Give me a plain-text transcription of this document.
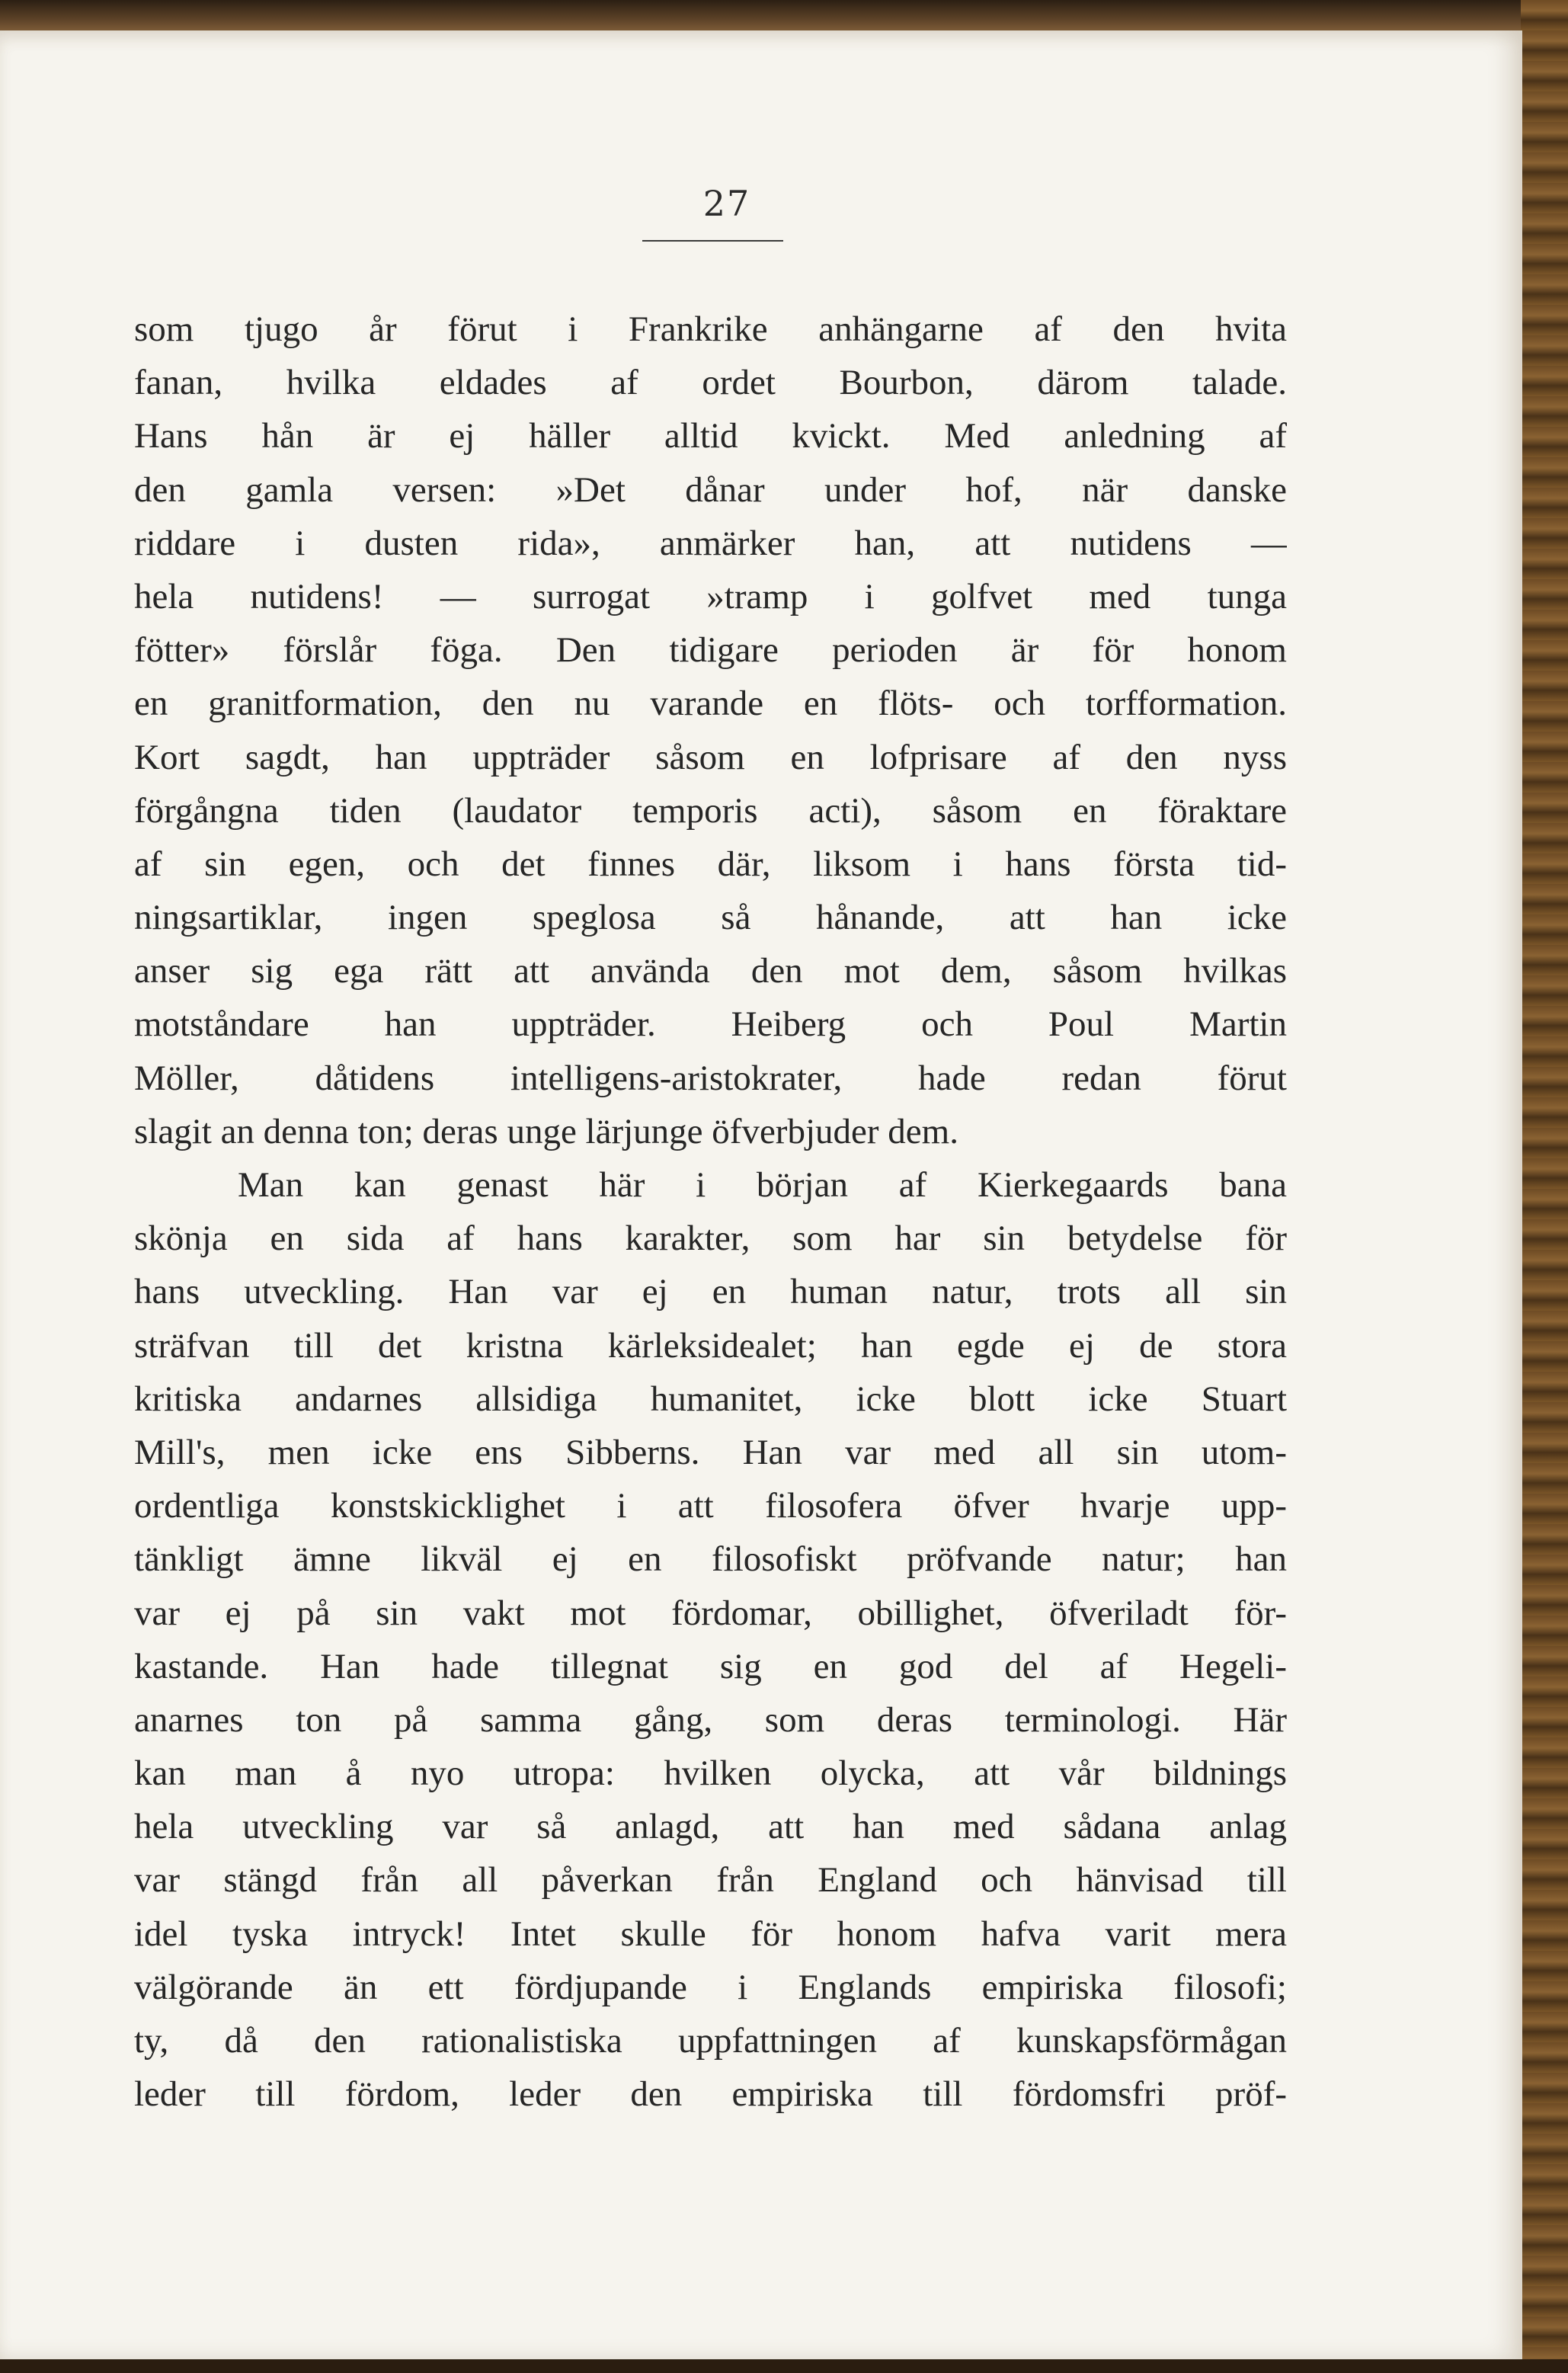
27
som tjugo år förut i Frankrike anhängarne af den hvita
fanan, hvilka eldades af ordet Bourbon, därom talade.
Hans hån är ej häller alltid kvickt. Med anledning af
den gamla versen: »Det dånar under hof, när danske
riddare i dusten rida», anmärker han, att nutidens —
hela nutidens! — surrogat »tramp i golfvet med tunga
fötter» förslår föga. Den tidigare perioden är för honom
en granitformation, den nu varande en flöts- och torfformation.
Kort sagdt, han uppträder såsom en lofprisare af den nyss
förgångna tiden (laudator temporis acti), såsom en föraktare
af sin egen, och det finnes där, liksom i hans första tid-
ningsartiklar, ingen speglosa så hånande, att han icke
anser sig ega rätt att använda den mot dem, såsom hvilkas
motståndare han uppträder. Heiberg och Poul Martin
Möller, dåtidens intelligens-aristokrater, hade redan förut
slagit an denna ton; deras unge lärjunge öfverbjuder dem.
Man kan genast här i början af Kierkegaards bana
skönja en sida af hans karakter, som har sin betydelse för
hans utveckling. Han var ej en human natur, trots all sin
sträfvan till det kristna kärleksidealet; han egde ej de stora
kritiska andarnes allsidiga humanitet, icke blott icke Stuart
Mill's, men icke ens Sibberns. Han var med all sin utom-
ordentliga konstskicklighet i att filosofera öfver hvarje upp-
tänkligt ämne likväl ej en filosofiskt pröfvande natur; han
var ej på sin vakt mot fördomar, obillighet, öfveriladt för-
kastande. Han hade tillegnat sig en god del af Hegeli-
anarnes ton på samma gång, som deras terminologi. Här
kan man å nyo utropa: hvilken olycka, att vår bildnings
hela utveckling var så anlagd, att han med sådana anlag
var stängd från all påverkan från England och hänvisad till
idel tyska intryck! Intet skulle för honom hafva varit mera
välgörande än ett fördjupande i Englands empiriska filosofi;
ty, då den rationalistiska uppfattningen af kunskapsförmågan
leder till fördom, leder den empiriska till fördomsfri pröf-
